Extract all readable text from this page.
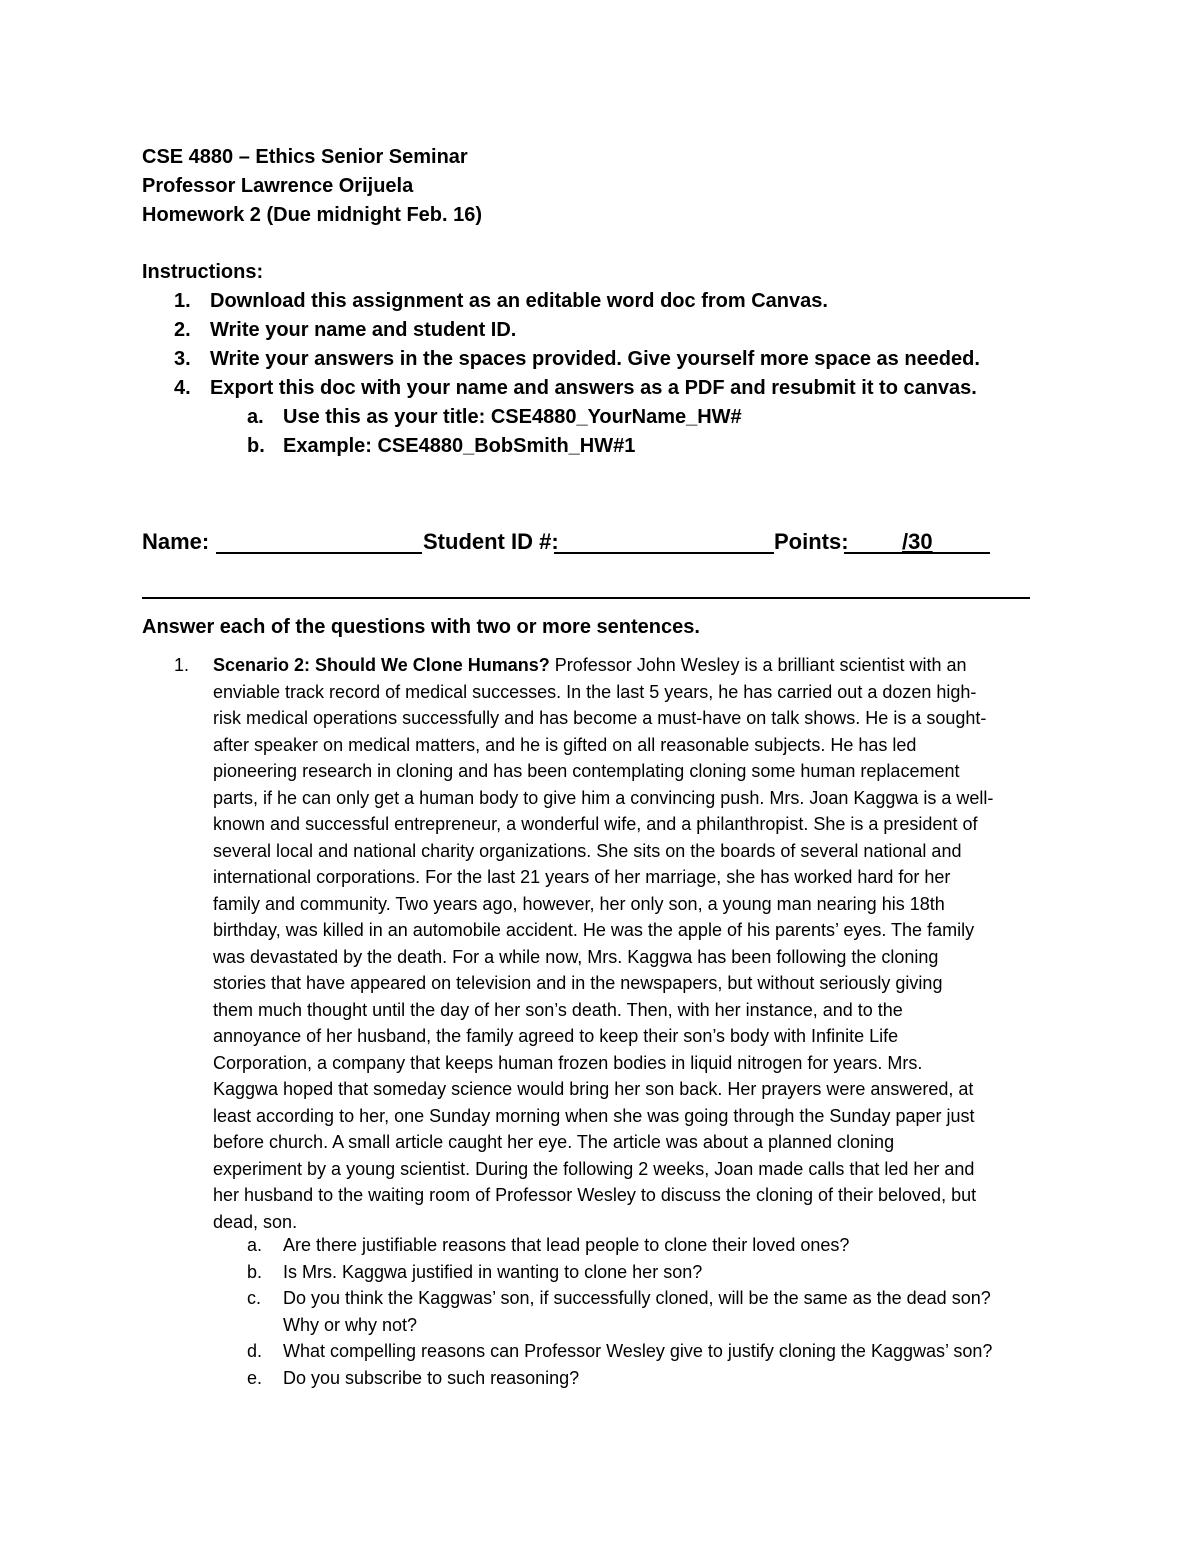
CSE 4880 – Ethics Senior Seminar
Professor Lawrence Orijuela
Homework 2 (Due midnight Feb. 16)
Instructions:
1. Download this assignment as an editable word doc from Canvas.
2. Write your name and student ID.
3. Write your answers in the spaces provided. Give yourself more space as needed.
4. Export this doc with your name and answers as a PDF and resubmit it to canvas.
a. Use this as your title: CSE4880_YourName_HW#
b. Example: CSE4880_BobSmith_HW#1
Name:	Student ID #:	Points: /30
Answer each of the questions with two or more sentences.
1. Scenario 2: Should We Clone Humans? Professor John Wesley is a brilliant scientist with an
enviable track record of medical successes. In the last 5 years, he has carried out a dozen high-
risk medical operations successfully and has become a must-have on talk shows. He is a sought-
after speaker on medical matters, and he is gifted on all reasonable subjects. He has led
pioneering research in cloning and has been contemplating cloning some human replacement
parts, if he can only get a human body to give him a convincing push. Mrs. Joan Kaggwa is a well-
known and successful entrepreneur, a wonderful wife, and a philanthropist. She is a president of
several local and national charity organizations. She sits on the boards of several national and
international corporations. For the last 21 years of her marriage, she has worked hard for her
family and community. Two years ago, however, her only son, a young man nearing his 18th
birthday, was killed in an automobile accident. He was the apple of his parents’ eyes. The family
was devastated by the death. For a while now, Mrs. Kaggwa has been following the cloning
stories that have appeared on television and in the newspapers, but without seriously giving
them much thought until the day of her son’s death. Then, with her instance, and to the
annoyance of her husband, the family agreed to keep their son’s body with Infinite Life
Corporation, a company that keeps human frozen bodies in liquid nitrogen for years. Mrs.
Kaggwa hoped that someday science would bring her son back. Her prayers were answered, at
least according to her, one Sunday morning when she was going through the Sunday paper just
before church. A small article caught her eye. The article was about a planned cloning
experiment by a young scientist. During the following 2 weeks, Joan made calls that led her and
her husband to the waiting room of Professor Wesley to discuss the cloning of their beloved, but
dead, son.
a. Are there justifiable reasons that lead people to clone their loved ones?
b. Is Mrs. Kaggwa justified in wanting to clone her son?
c. Do you think the Kaggwas’ son, if successfully cloned, will be the same as the dead son?
Why or why not?
d. What compelling reasons can Professor Wesley give to justify cloning the Kaggwas’ son?
e. Do you subscribe to such reasoning?
